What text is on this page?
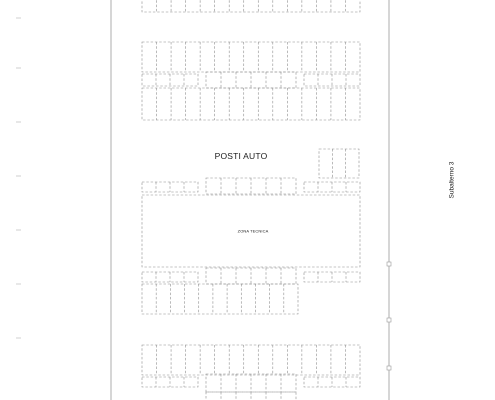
POSTI AUTO
ZONA TECNICA
Subalterno 3
